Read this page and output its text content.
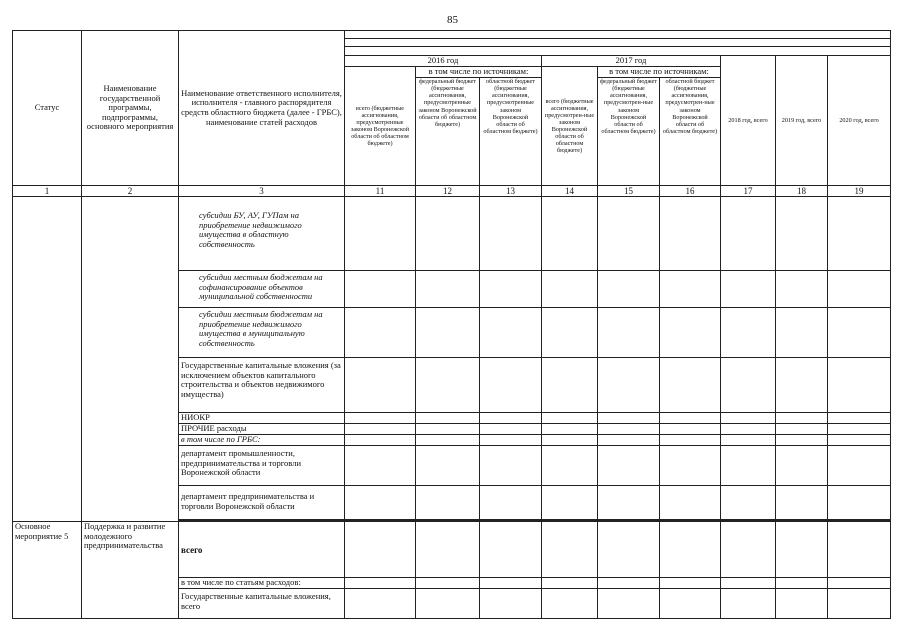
85
Статус	Наименование государственной программы, подпрограммы, основного мероприятия	Наименование ответственного исполнителя, исполнителя - главного распорядителя средств областного бюджета (далее - ГРБС), наименование статей расходов									

			2016 год			2017 год			2018 год, всего	2019 год, всего	2020 год, всего
			всего (бюджетные ассигнования, предусмотренные законом Воронежской области об областном бюджете)	в том числе по источникам:		всего (бюджетные ассигнования, предусмотрен-ные законом Воронежской области об областном бюджете)	в том числе по источникам:				
				федеральный бюджет (бюджетные ассигнования, предусмотренные законом Воронежской области об областном бюджете)	областной бюджет (бюджетные ассигнования, предусмотренные законом Воронежской области об областном бюджете)		федеральный бюджет (бюджетные ассигнования, предусмотрен-ные законом Воронежской области об областном бюджете)	областной бюджет (бюджетные ассигнования, предусмотрен-ные законом Воронежской области об областном бюджете)			
1	2	3	11	12	13	14	15	16	17	18	19
		субсидии БУ, АУ, ГУПам на приобретение недвижимого имущества в областную собственность									
		субсидии местным бюджетам на софинансирование объектов муниципальной собственности									
		субсидии местным бюджетам на приобретение недвижимого имущества в муниципальную собственность									
		Государственные капитальные вложения (за исключением объектов капитального строительства и объектов недвижимого имущества)									
		НИОКР									
		ПРОЧИЕ расходы									
		в том числе по ГРБС:									
		департамент промышленности, предпринимательства и торговли Воронежской области									
		департамент предпринимательства и торговли Воронежской области									

Основное мероприятие 5	Поддержка и развитие молодежного предпринимательства	всего									
		в том числе по статьям расходов:									
		Государственные капитальные вложения, всего									
